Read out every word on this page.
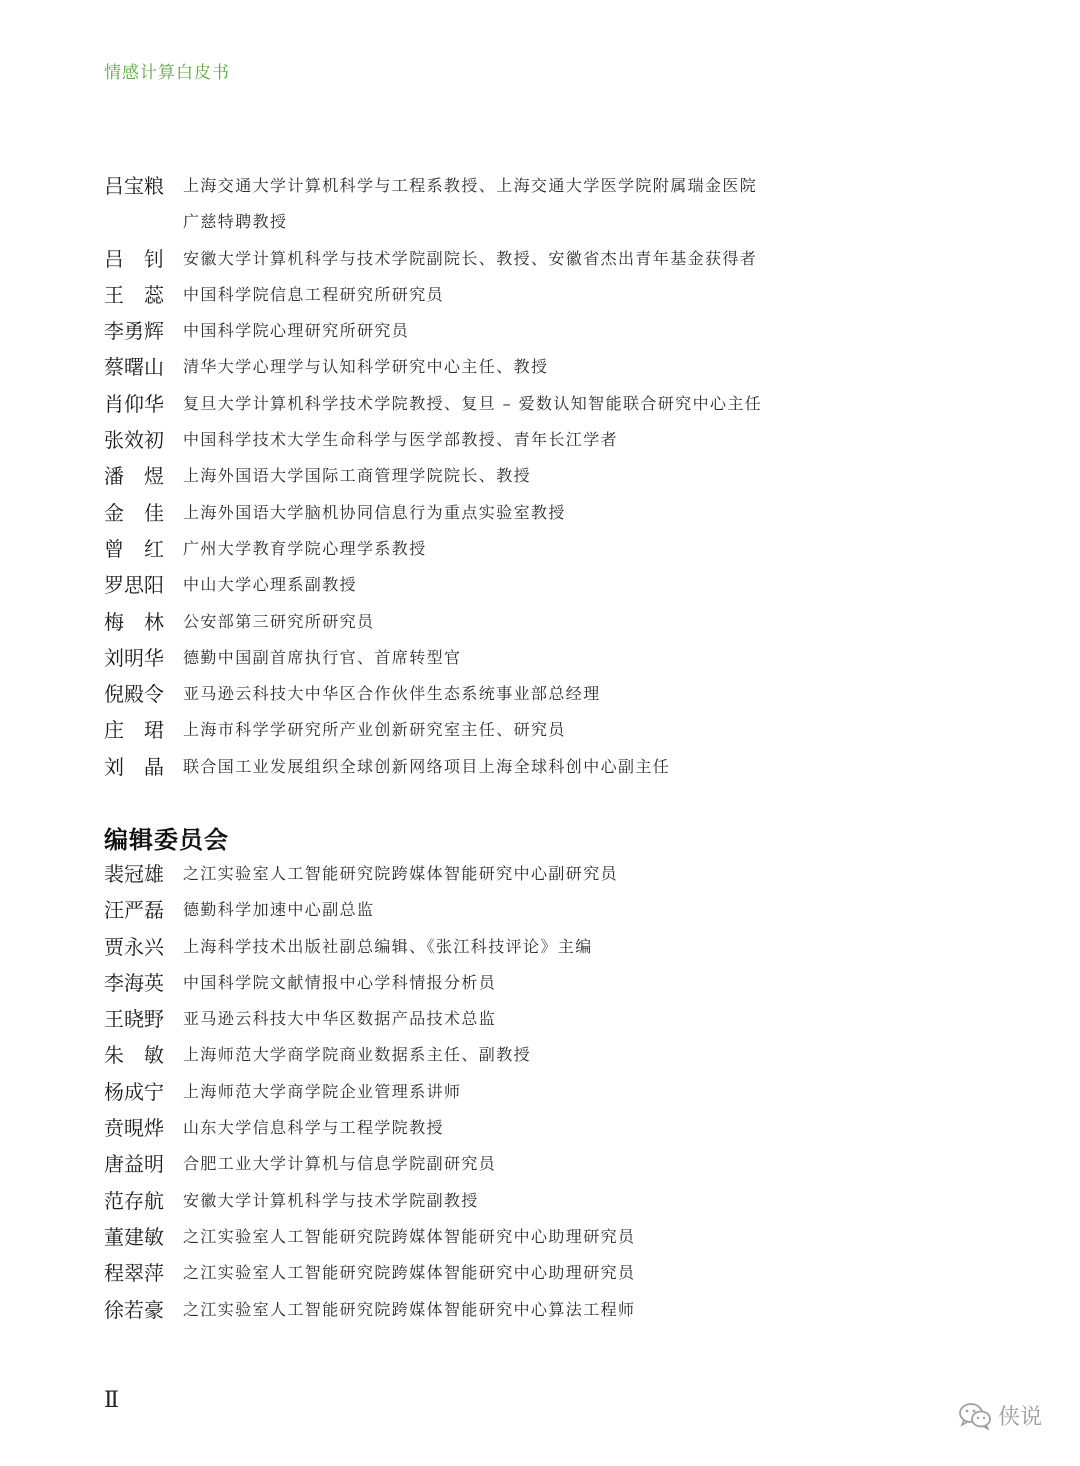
情感计算白皮书
吕宝粮	上海交通大学计算机科学与工程系教授、上海交通大学医学院附属瑞金医院
广慈特聘教授
吕　钊	安徽大学计算机科学与技术学院副院长、教授、安徽省杰出青年基金获得者
王　蕊	中国科学院信息工程研究所研究员
李勇辉	中国科学院心理研究所研究员
蔡曙山	清华大学心理学与认知科学研究中心主任、教授
肖仰华	复旦大学计算机科学技术学院教授、复旦 – 爱数认知智能联合研究中心主任
张效初	中国科学技术大学生命科学与医学部教授、青年长江学者
潘　煜	上海外国语大学国际工商管理学院院长、教授
金　佳	上海外国语大学脑机协同信息行为重点实验室教授
曾　红	广州大学教育学院心理学系教授
罗思阳	中山大学心理系副教授
梅　林	公安部第三研究所研究员
刘明华	德勤中国副首席执行官、首席转型官
倪殿令	亚马逊云科技大中华区合作伙伴生态系统事业部总经理
庄　珺	上海市科学学研究所产业创新研究室主任、研究员
刘　晶	联合国工业发展组织全球创新网络项目上海全球科创中心副主任
编辑委员会
裴冠雄	之江实验室人工智能研究院跨媒体智能研究中心副研究员
汪严磊	德勤科学加速中心副总监
贾永兴	上海科学技术出版社副总编辑、《张江科技评论》主编
李海英	中国科学院文献情报中心学科情报分析员
王晓野	亚马逊云科技大中华区数据产品技术总监
朱　敏	上海师范大学商学院商业数据系主任、副教授
杨成宁	上海师范大学商学院企业管理系讲师
贲晛烨	山东大学信息科学与工程学院教授
唐益明	合肥工业大学计算机与信息学院副研究员
范存航	安徽大学计算机科学与技术学院副教授
董建敏	之江实验室人工智能研究院跨媒体智能研究中心助理研究员
程翠萍	之江实验室人工智能研究院跨媒体智能研究中心助理研究员
徐若豪	之江实验室人工智能研究院跨媒体智能研究中心算法工程师
Ⅱ
侠说
